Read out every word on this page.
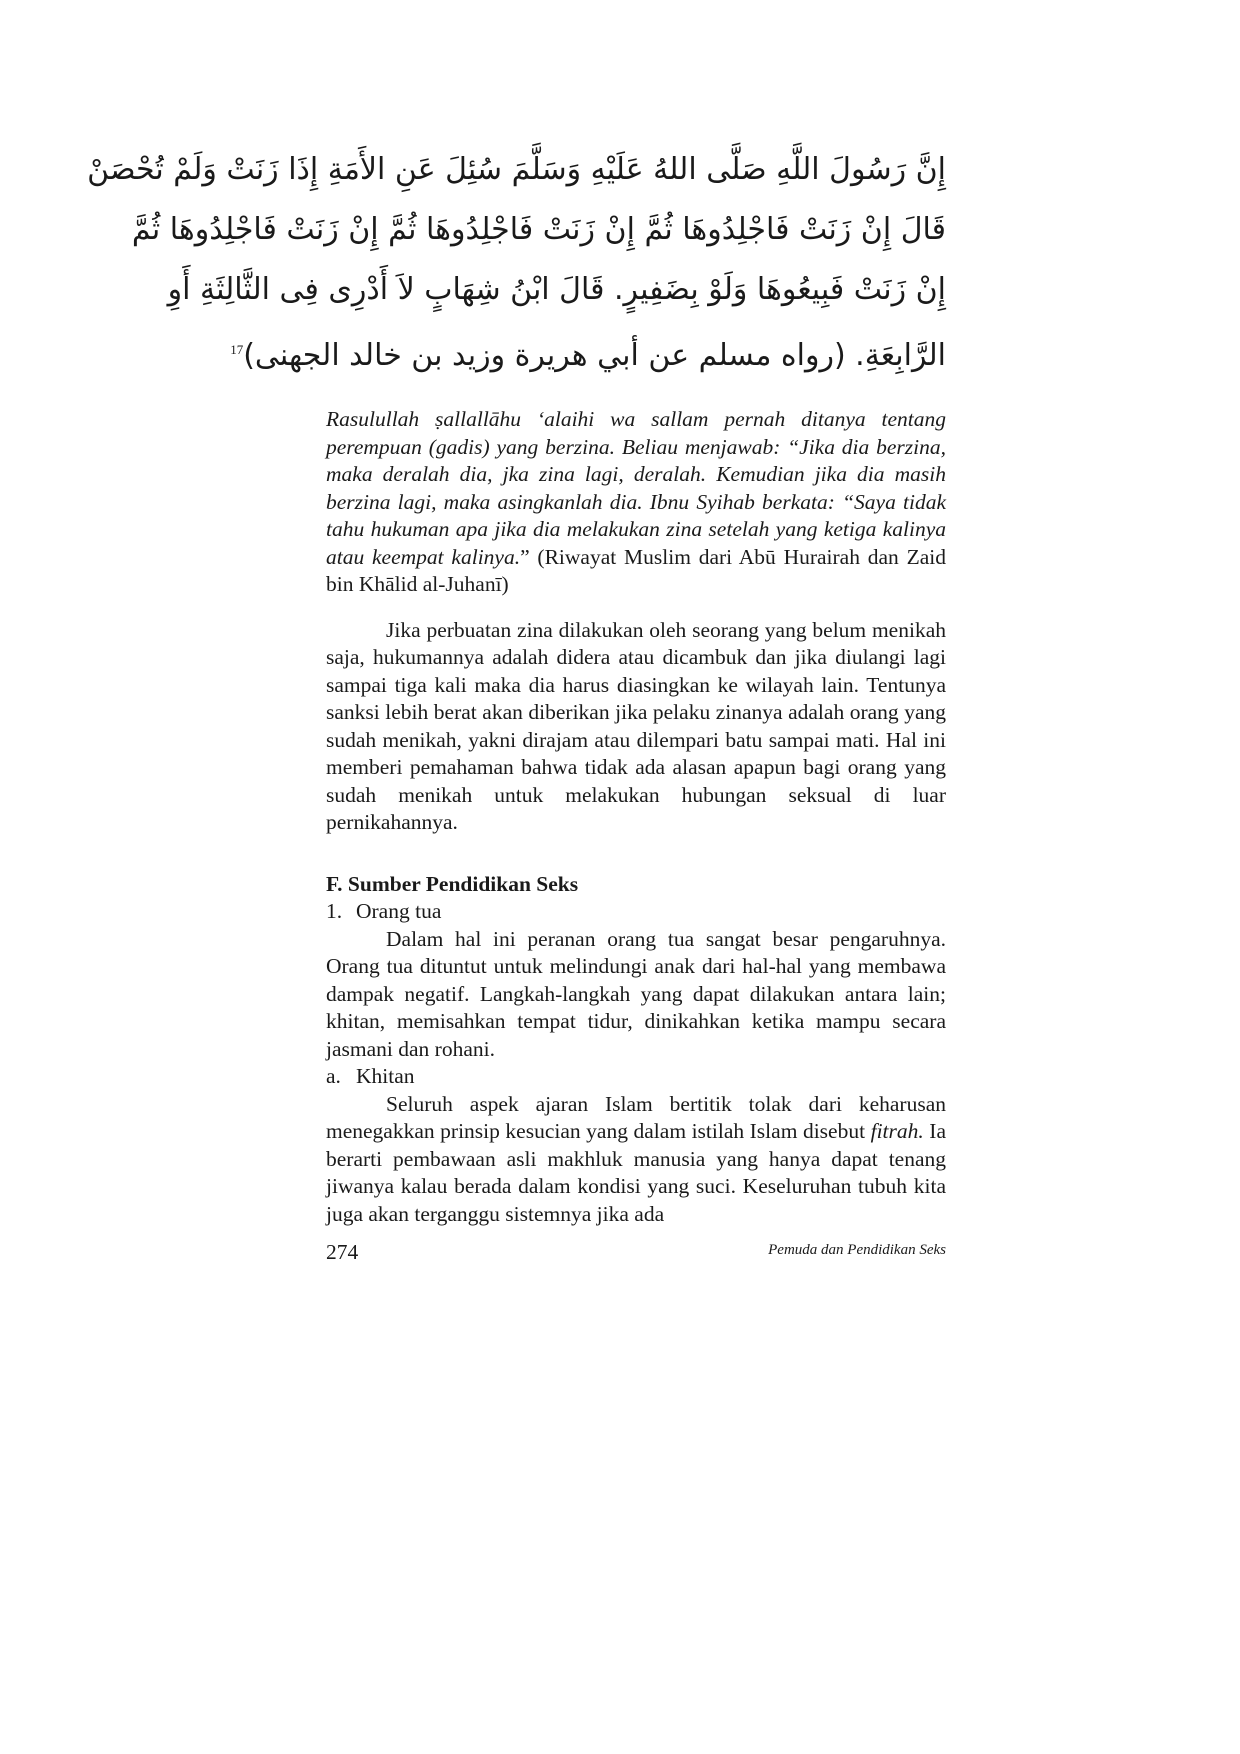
إِنَّ رَسُولَ اللَّهِ صَلَّى اللهُ عَلَيْهِ وَسَلَّمَ سُئِلَ عَنِ الأَمَةِ إِذَا زَنَتْ وَلَمْ تُحْصَنْ
قَالَ إِنْ زَنَتْ فَاجْلِدُوهَا ثُمَّ إِنْ زَنَتْ فَاجْلِدُوهَا ثُمَّ إِنْ زَنَتْ فَاجْلِدُوهَا ثُمَّ
إِنْ زَنَتْ فَبِيعُوهَا وَلَوْ بِضَفِيرٍ. قَالَ ابْنُ شِهَابٍ لاَ أَدْرِى فِى الثَّالِثَةِ أَوِ
الرَّابِعَةِ. (رواه مسلم عن أبي هريرة وزيد بن خالد الجهنى)$^{17}$
Rasulullah ṣallallāhu ‘alaihi wa sallam pernah ditanya tentang perempuan (gadis) yang berzina. Beliau menjawab: “Jika dia berzina, maka deralah dia, jka zina lagi, deralah. Kemudian jika dia masih berzina lagi, maka asingkanlah dia. Ibnu Syihab berkata: “Saya tidak tahu hukuman apa jika dia melakukan zina setelah yang ketiga kalinya atau keempat kalinya.” (Riwayat Muslim dari Abū Hurairah dan Zaid bin Khālid al-Juhanī)

Jika perbuatan zina dilakukan oleh seorang yang belum menikah saja, hukumannya adalah didera atau dicambuk dan jika diulangi lagi sampai tiga kali maka dia harus diasingkan ke wilayah lain. Tentunya sanksi lebih berat akan diberikan jika pelaku zinanya adalah orang yang sudah menikah, yakni dirajam atau dilempari batu sampai mati. Hal ini memberi pemahaman bahwa tidak ada alasan apapun bagi orang yang sudah menikah untuk melakukan hubungan seksual di luar pernikahannya.

F. Sumber Pendidikan Seks
1. Orang tua

Dalam hal ini peranan orang tua sangat besar pengaruhnya. Orang tua dituntut untuk melindungi anak dari hal-hal yang membawa dampak negatif. Langkah-langkah yang dapat dilakukan antara lain; khitan, memisahkan tempat tidur, dinikahkan ketika mampu secara jasmani dan rohani.

a. Khitan

Seluruh aspek ajaran Islam bertitik tolak dari keharusan menegakkan prinsip kesucian yang dalam istilah Islam disebut fitrah. Ia berarti pembawaan asli makhluk manusia yang hanya dapat tenang jiwanya kalau berada dalam kondisi yang suci. Keseluruhan tubuh kita juga akan terganggu sistemnya jika ada

274	Pemuda dan Pendidikan Seks
